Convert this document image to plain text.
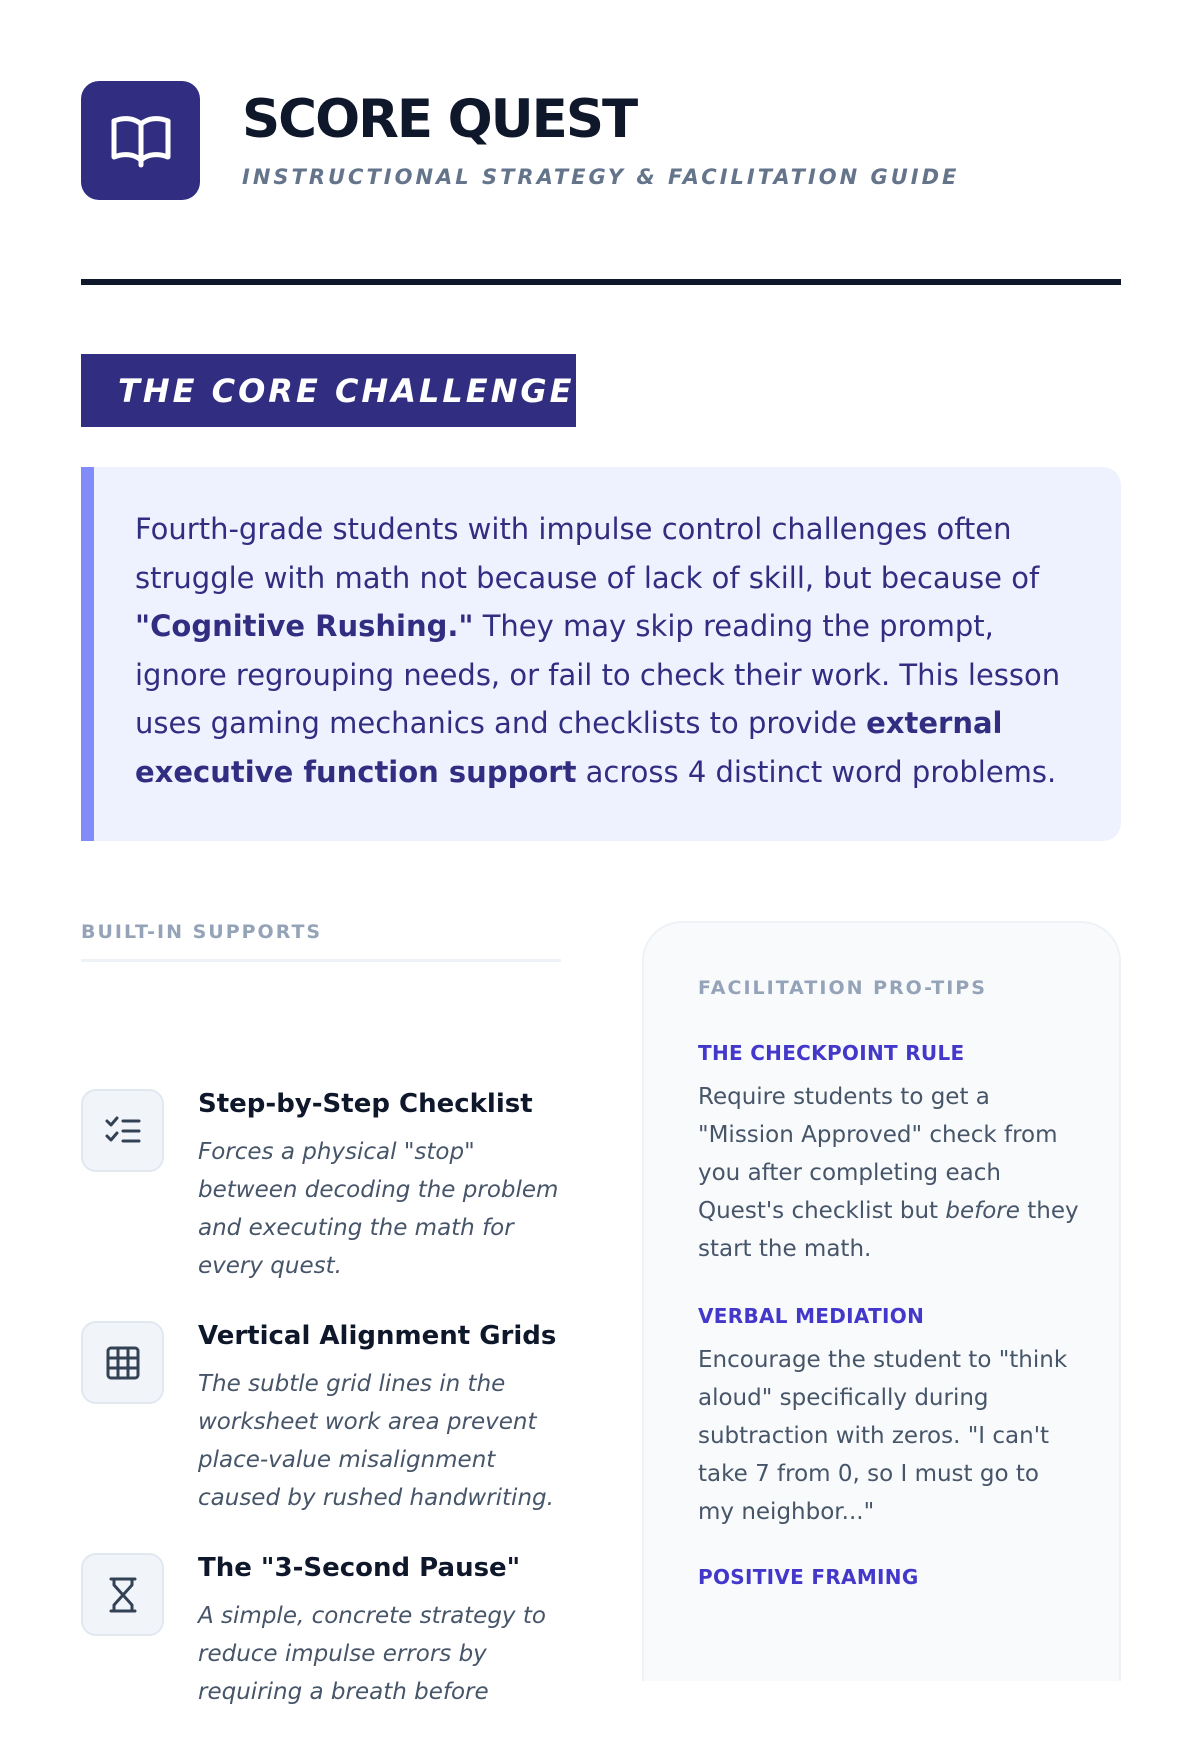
SCORE QUEST
INSTRUCTIONAL STRATEGY & FACILITATION GUIDE
THE CORE CHALLENGE

Fourth-grade students with impulse control challenges often struggle with math not because of lack of skill, but because of "Cognitive Rushing." They may skip reading the prompt, ignore regrouping needs, or fail to check their work. This lesson uses gaming mechanics and checklists to provide external executive function support across 4 distinct word problems.

BUILT-IN SUPPORTS
Step-by-Step Checklist
Forces a physical "stop" between decoding the problem and executing the math for every quest.
Vertical Alignment Grids
The subtle grid lines in the worksheet work area prevent place-value misalignment caused by rushed handwriting.
The "3-Second Pause"
A simple, concrete strategy to reduce impulse errors by requiring a breath before
FACILITATION PRO-TIPS
THE CHECKPOINT RULE
Require students to get a "Mission Approved" check from you after completing each Quest's checklist but before they start the math.
VERBAL MEDIATION
Encourage the student to "think aloud" specifically during subtraction with zeros. "I can't take 7 from 0, so I must go to my neighbor..."
POSITIVE FRAMING
